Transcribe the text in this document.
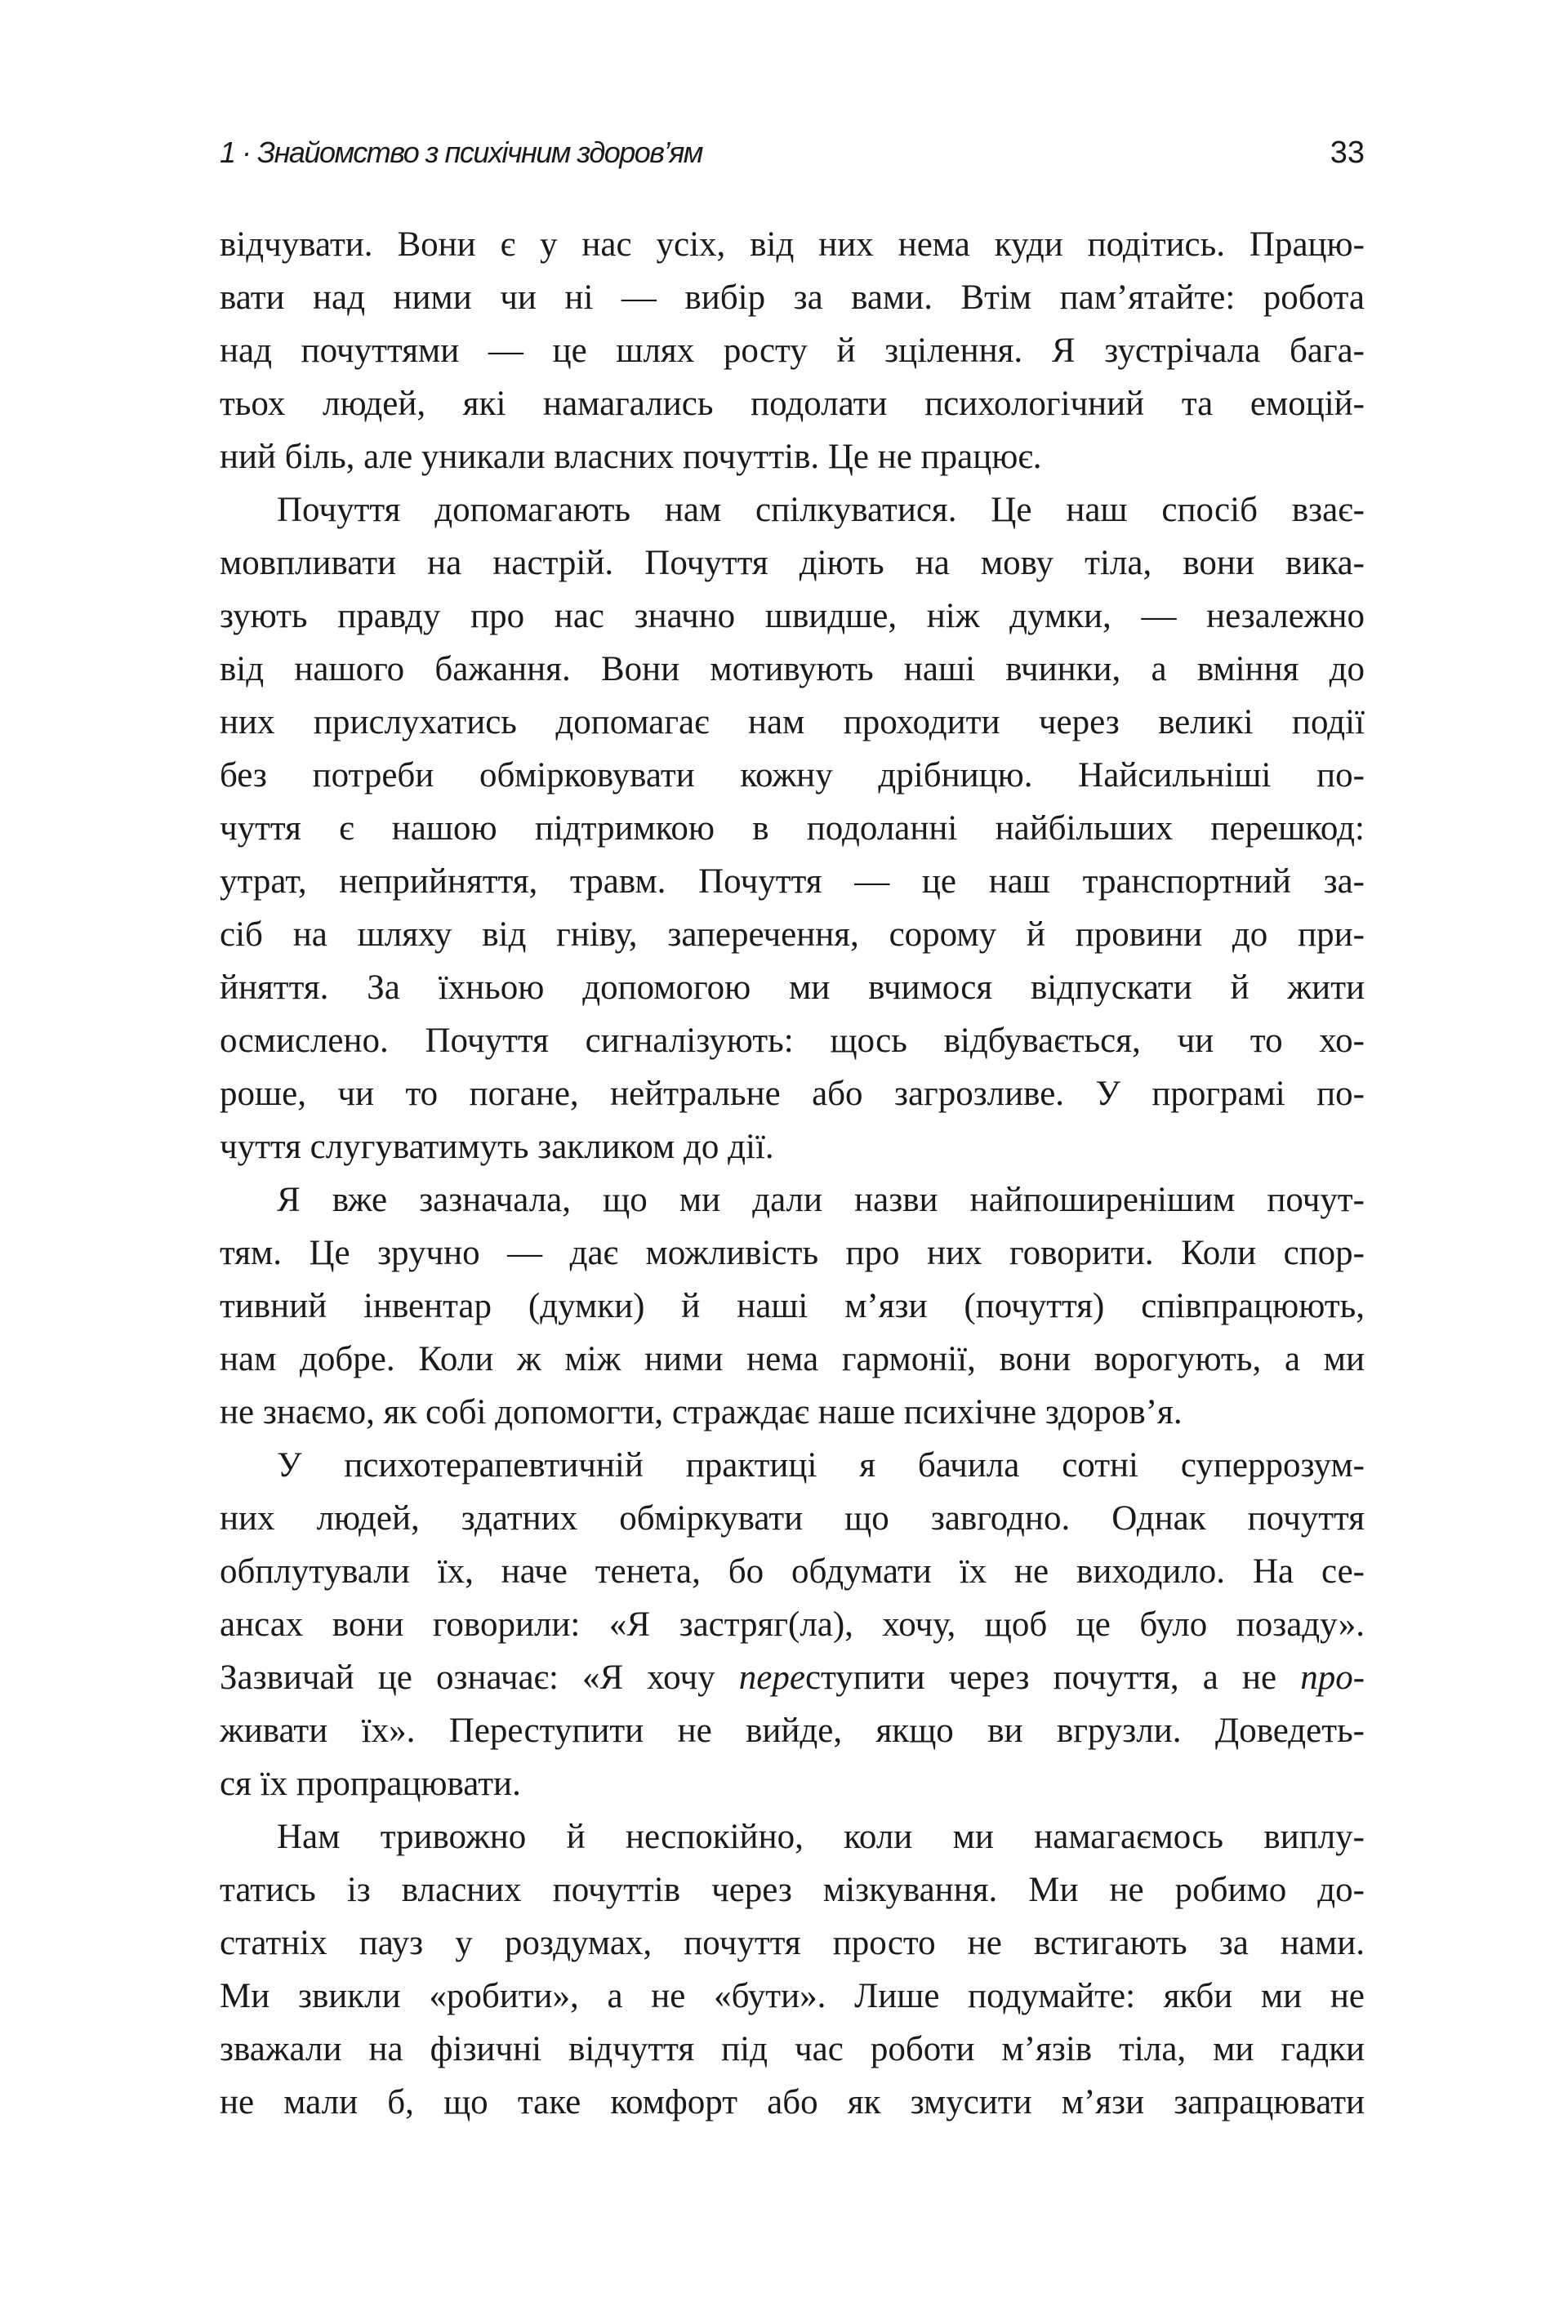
1 · Знайомство з психічним здоров’ям	33
відчувати. Вони є у нас усіх, від них нема куди подітись. Працю-
вати над ними чи ні — вибір за вами. Втім пам’ятайте: робота
над почуттями — це шлях росту й зцілення. Я зустрічала бага-
тьох людей, які намагались подолати психологічний та емоцій-
ний біль, але уникали власних почуттів. Це не працює.
Почуття допомагають нам спілкуватися. Це наш спосіб взає-
мовпливати на настрій. Почуття діють на мову тіла, вони вика-
зують правду про нас значно швидше, ніж думки, — незалежно
від нашого бажання. Вони мотивують наші вчинки, а вміння до
них прислухатись допомагає нам проходити через великі події
без потреби обмірковувати кожну дрібницю. Найсильніші по-
чуття є нашою підтримкою в подоланні найбільших перешкод:
утрат, неприйняття, травм. Почуття — це наш транспортний за-
сіб на шляху від гніву, заперечення, сорому й провини до при-
йняття. За їхньою допомогою ми вчимося відпускати й жити
осмислено. Почуття сигналізують: щось відбувається, чи то хо-
роше, чи то погане, нейтральне або загрозливе. У програмі по-
чуття слугуватимуть закликом до дії.
Я вже зазначала, що ми дали назви найпоширенішим почут-
тям. Це зручно — дає можливість про них говорити. Коли спор-
тивний інвентар (думки) й наші м’язи (почуття) співпрацюють,
нам добре. Коли ж між ними нема гармонії, вони ворогують, а ми
не знаємо, як собі допомогти, страждає наше психічне здоров’я.
У психотерапевтичній практиці я бачила сотні суперрозум-
них людей, здатних обміркувати що завгодно. Однак почуття
обплутували їх, наче тенета, бо обдумати їх не виходило. На се-
ансах вони говорили: «Я застряг(ла), хочу, щоб це було позаду».
Зазвичай це означає: «Я хочу переступити через почуття, а не про-
живати їх». Переступити не вийде, якщо ви вгрузли. Доведеть-
ся їх пропрацювати.
Нам тривожно й неспокійно, коли ми намагаємось виплу-
татись із власних почуттів через мізкування. Ми не робимо до-
статніх пауз у роздумах, почуття просто не встигають за нами.
Ми звикли «робити», а не «бути». Лише подумайте: якби ми не
зважали на фізичні відчуття під час роботи м’язів тіла, ми гадки
не мали б, що таке комфорт або як змусити м’язи запрацювати
